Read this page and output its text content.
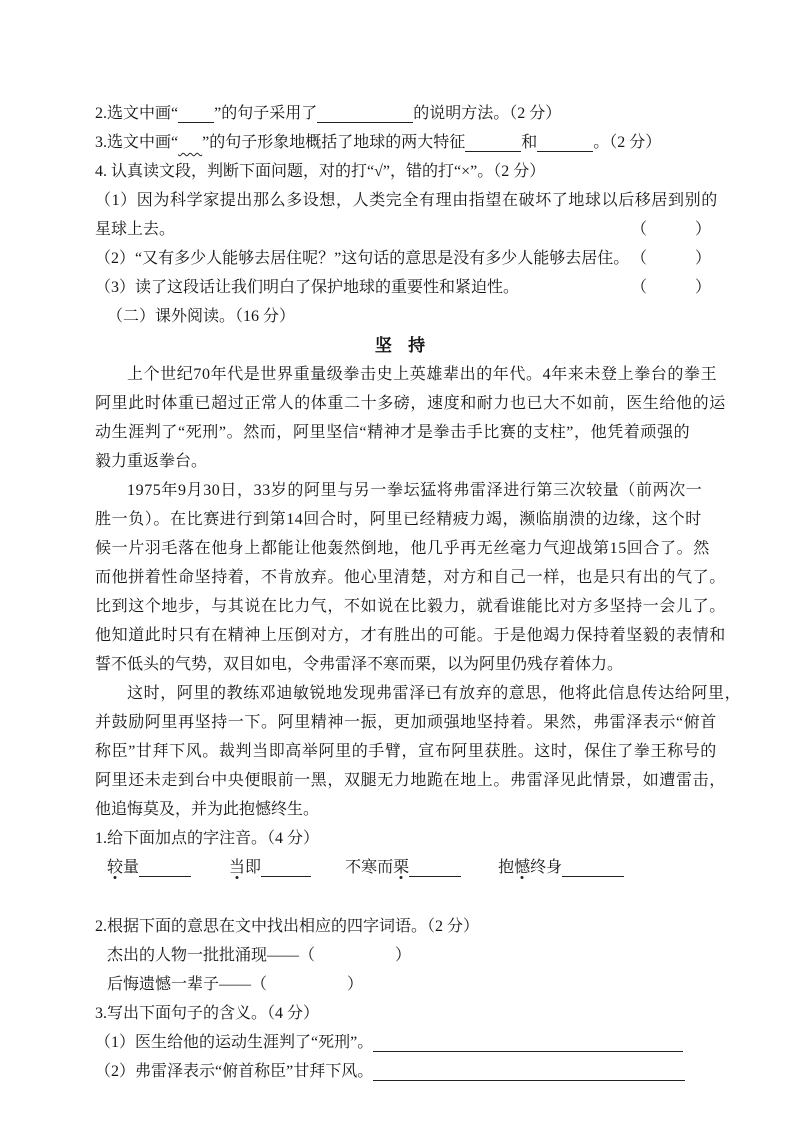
2.选文中画“ ”的句子采用了	的说明方法。（2 分）
3.选文中画“ ”的句子形象地概括了地球的两大特征	和	。（2 分）
4. 认真读文段，判断下面问题，对的打“√”，错的打“×”。（2 分）
（1）因为科学家提出那么多设想，人类完全有理由指望在破坏了地球以后移居到别的
星球上去。	（　　　）
（2）“又有多少人能够去居住呢？”这句话的意思是没有多少人能够去居住。 （　　　）
（3）读了这段话让我们明白了保护地球的重要性和紧迫性。	（　　　）
（二）课外阅读。（16 分）
坚 持
上个世纪70年代是世界重量级拳击史上英雄辈出的年代。4年来未登上拳台的拳王
阿里此时体重已超过正常人的体重二十多磅，速度和耐力也已大不如前，医生给他的运
动生涯判了“死刑”。然而，阿里坚信“精神才是拳击手比赛的支柱”，他凭着顽强的
毅力重返拳台。
1975年9月30日，33岁的阿里与另一拳坛猛将弗雷泽进行第三次较量（前两次一
胜一负）。在比赛进行到第14回合时，阿里已经精疲力竭，濒临崩溃的边缘，这个时
候一片羽毛落在他身上都能让他轰然倒地，他几乎再无丝毫力气迎战第15回合了。然
而他拼着性命坚持着，不肯放弃。他心里清楚，对方和自己一样，也是只有出的气了。
比到这个地步，与其说在比力气，不如说在比毅力，就看谁能比对方多坚持一会儿了。
他知道此时只有在精神上压倒对方，才有胜出的可能。于是他竭力保持着坚毅的表情和
誓不低头的气势，双目如电，令弗雷泽不寒而栗，以为阿里仍残存着体力。
这时，阿里的教练邓迪敏锐地发现弗雷泽已有放弃的意思，他将此信息传达给阿里，
并鼓励阿里再坚持一下。阿里精神一振，更加顽强地坚持着。果然，弗雷泽表示“俯首
称臣”甘拜下风。裁判当即高举阿里的手臂，宣布阿里获胜。这时，保住了拳王称号的
阿里还未走到台中央便眼前一黑，双腿无力地跪在地上。弗雷泽见此情景，如遭雷击，
他追悔莫及，并为此抱憾终生。
1.给下面加点的字注音。（4 分）
较量	当即	不寒而栗	抱憾终身
2.根据下面的意思在文中找出相应的四字词语。（2 分）
杰出的人物一批批涌现——（　　　　　）
后悔遗憾一辈子——（　　　　　）
3.写出下面句子的含义。（4 分）
（1）医生给他的运动生涯判了“死刑”。
（2）弗雷泽表示“俯首称臣”甘拜下风。
